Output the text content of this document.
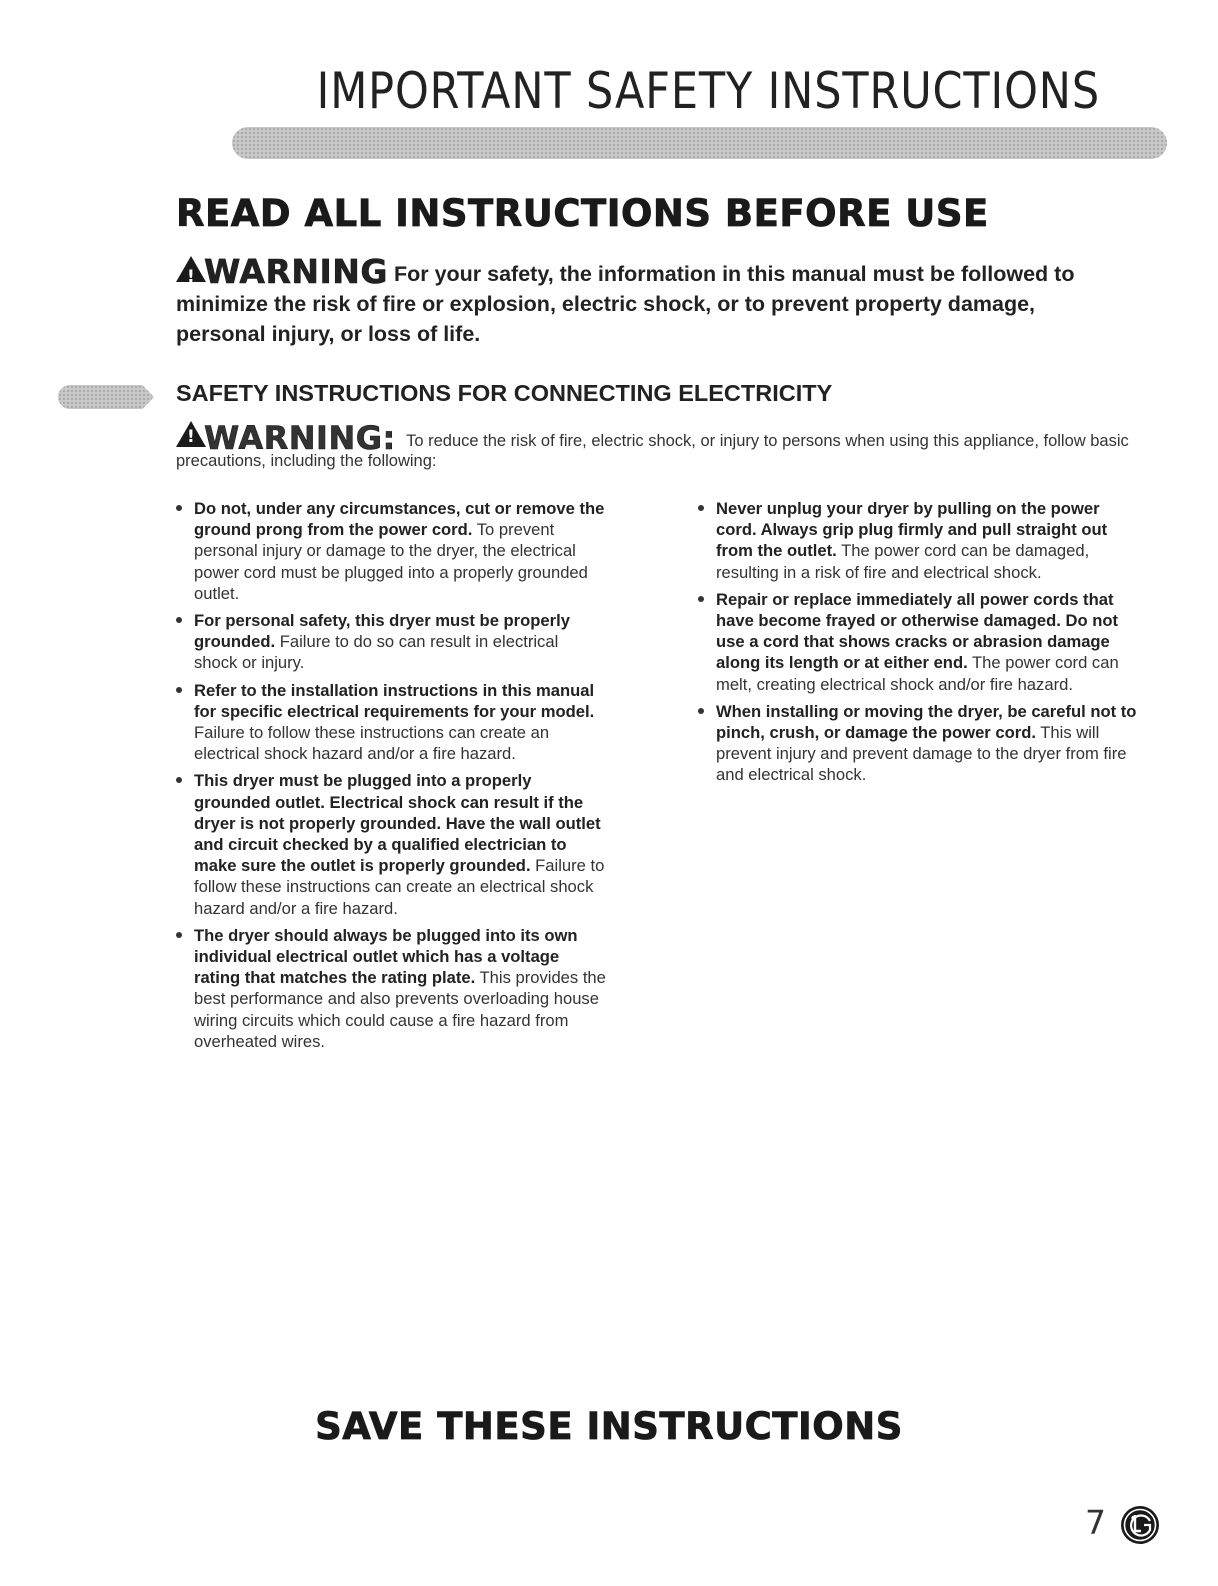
IMPORTANT SAFETY INSTRUCTIONS
READ ALL INSTRUCTIONS BEFORE USE
!WARNING For your safety, the information in this manual must be followed to minimize the risk of fire or explosion, electric shock, or to prevent property damage, personal injury, or loss of life.
SAFETY INSTRUCTIONS FOR CONNECTING ELECTRICITY
!WARNING: To reduce the risk of fire, electric shock, or injury to persons when using this appliance, follow basic precautions, including the following:
Do not, under any circumstances, cut or remove the ground prong from the power cord. To prevent personal injury or damage to the dryer, the electrical power cord must be plugged into a properly grounded outlet.
For personal safety, this dryer must be properly grounded. Failure to do so can result in electrical shock or injury.
Refer to the installation instructions in this manual for specific electrical requirements for your model. Failure to follow these instructions can create an electrical shock hazard and/or a fire hazard.
This dryer must be plugged into a properly grounded outlet. Electrical shock can result if the dryer is not properly grounded. Have the wall outlet and circuit checked by a qualified electrician to make sure the outlet is properly grounded. Failure to follow these instructions can create an electrical shock hazard and/or a fire hazard.
The dryer should always be plugged into its own individual electrical outlet which has a voltage rating that matches the rating plate. This provides the best performance and also prevents overloading house wiring circuits which could cause a fire hazard from overheated wires.
Never unplug your dryer by pulling on the power cord. Always grip plug firmly and pull straight out from the outlet. The power cord can be damaged, resulting in a risk of fire and electrical shock.
Repair or replace immediately all power cords that have become frayed or otherwise damaged. Do not use a cord that shows cracks or abrasion damage along its length or at either end. The power cord can melt, creating electrical shock and/or fire hazard.
When installing or moving the dryer, be careful not to pinch, crush, or damage the power cord. This will prevent injury and prevent damage to the dryer from fire and electrical shock.
SAVE THESE INSTRUCTIONS
7
